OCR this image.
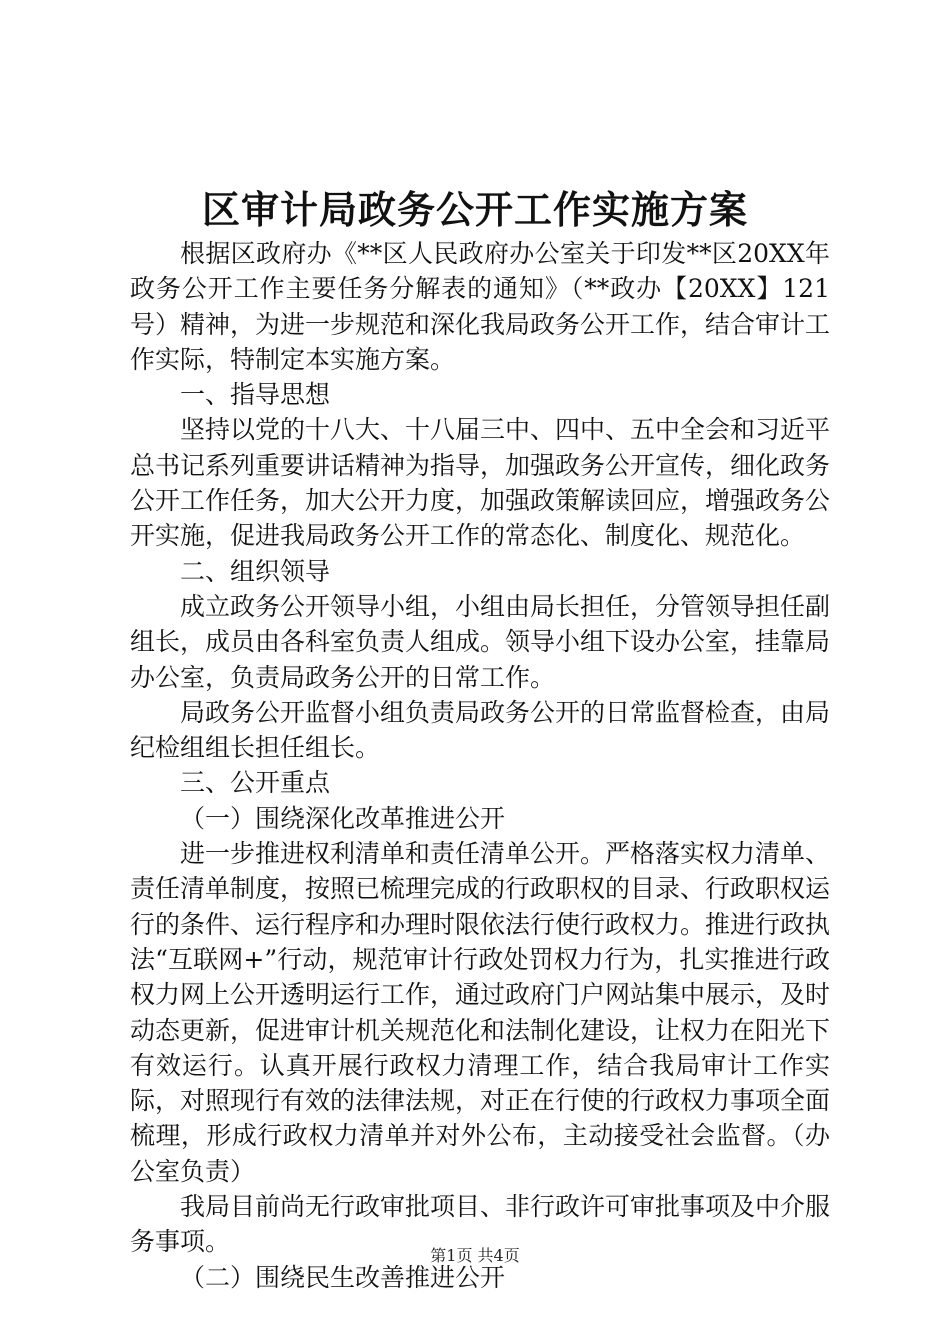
区审计局政务公开工作实施方案

根据区政府办《**区人民政府办公室关于印发**区20XX年政务公开工作主要任务分解表的通知》（**政办【20XX】121号）精神，为进一步规范和深化我局政务公开工作，结合审计工作实际，特制定本实施方案。

一、指导思想

坚持以党的十八大、十八届三中、四中、五中全会和习近平总书记系列重要讲话精神为指导，加强政务公开宣传，细化政务公开工作任务，加大公开力度，加强政策解读回应，增强政务公开实施，促进我局政务公开工作的常态化、制度化、规范化。

二、组织领导

成立政务公开领导小组，小组由局长担任，分管领导担任副组长，成员由各科室负责人组成。领导小组下设办公室，挂靠局办公室，负责局政务公开的日常工作。

局政务公开监督小组负责局政务公开的日常监督检查，由局纪检组组长担任组长。

三、公开重点

（一）围绕深化改革推进公开

进一步推进权利清单和责任清单公开。严格落实权力清单、责任清单制度，按照已梳理完成的行政职权的目录、行政职权运行的条件、运行程序和办理时限依法行使行政权力。推进行政执法“互联网+”行动，规范审计行政处罚权力行为，扎实推进行政权力网上公开透明运行工作，通过政府门户网站集中展示，及时动态更新，促进审计机关规范化和法制化建设，让权力在阳光下有效运行。认真开展行政权力清理工作，结合我局审计工作实际，对照现行有效的法律法规，对正在行使的行政权力事项全面梳理，形成行政权力清单并对外公布，主动接受社会监督。（办公室负责）

我局目前尚无行政审批项目、非行政许可审批事项及中介服务事项。

（二）围绕民生改善推进公开

第1页 共4页
